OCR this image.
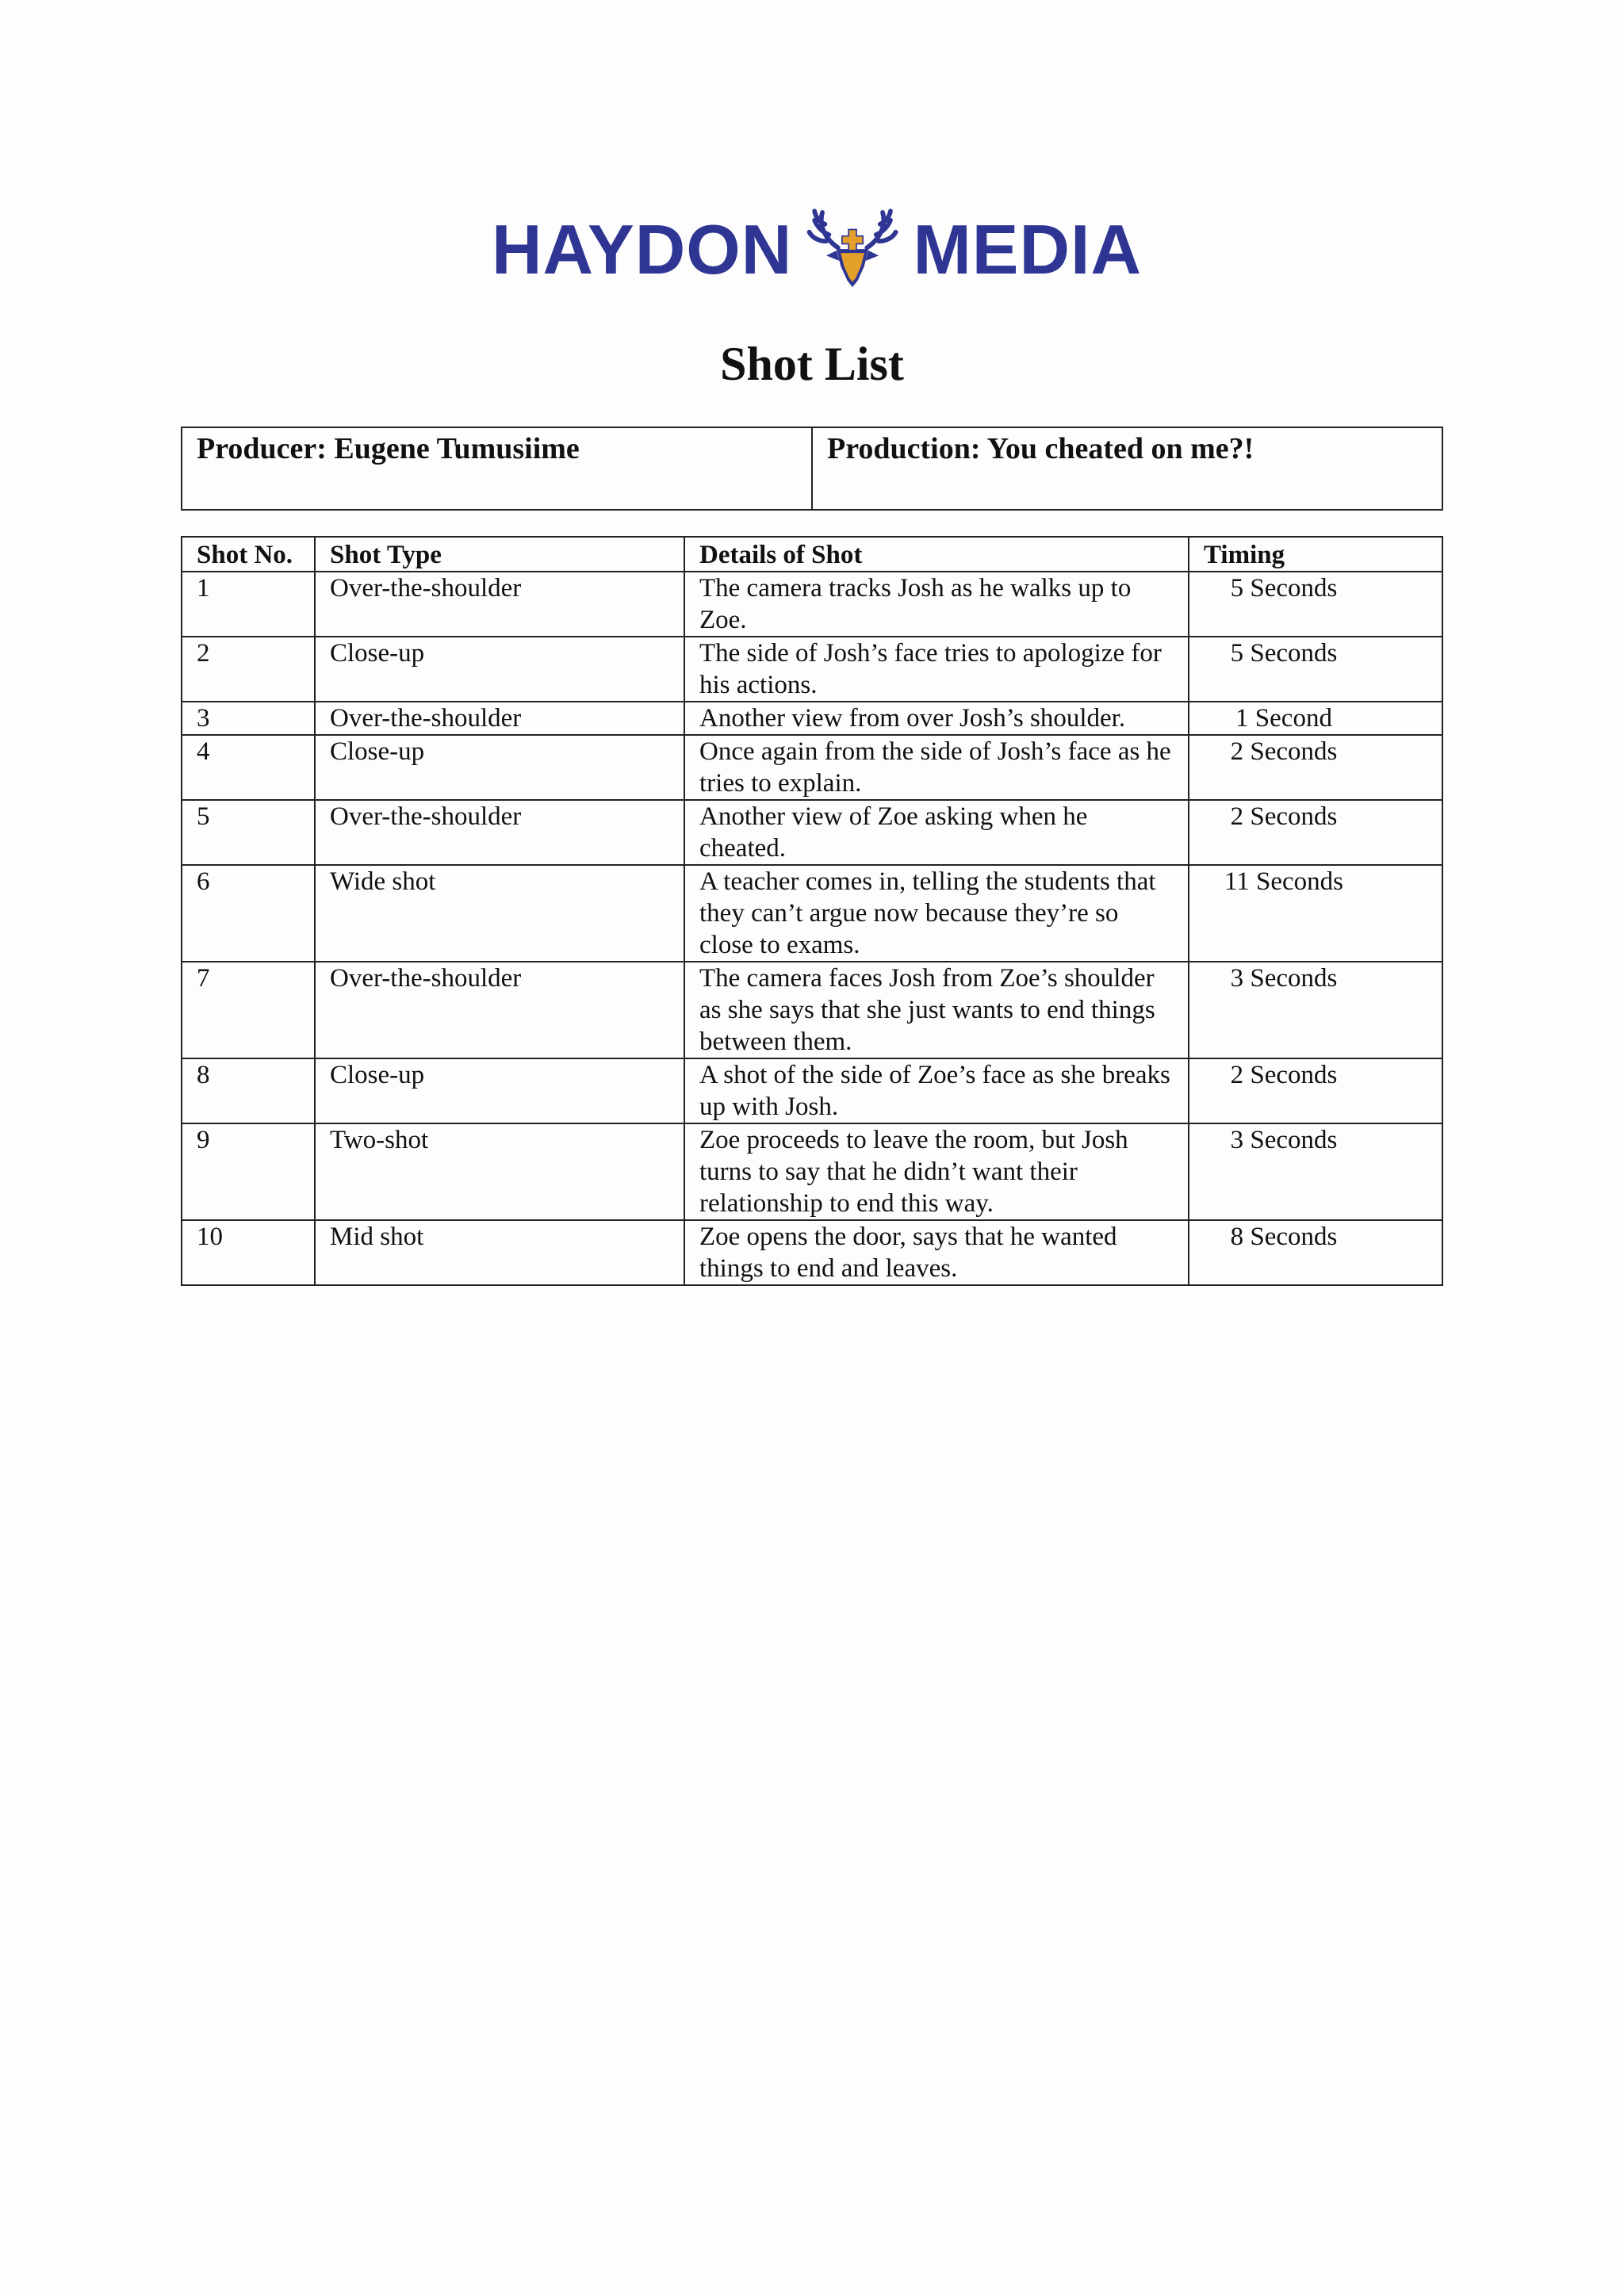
HAYDON MEDIA
Shot List
Producer: Eugene Tumusiime	Production: You cheated on me?!
Shot No.	Shot Type	Details of Shot	Timing
1	Over-the-shoulder	The camera tracks Josh as he walks up to Zoe.	5 Seconds
2	Close-up	The side of Josh’s face tries to apologize for his actions.	5 Seconds
3	Over-the-shoulder	Another view from over Josh’s shoulder.	1 Second
4	Close-up	Once again from the side of Josh’s face as he tries to explain.	2 Seconds
5	Over-the-shoulder	Another view of Zoe asking when he cheated.	2 Seconds
6	Wide shot	A teacher comes in, telling the students that they can’t argue now because they’re so close to exams.	11 Seconds
7	Over-the-shoulder	The camera faces Josh from Zoe’s shoulder as she says that she just wants to end things between them.	3 Seconds
8	Close-up	A shot of the side of Zoe’s face as she breaks up with Josh.	2 Seconds
9	Two-shot	Zoe proceeds to leave the room, but Josh turns to say that he didn’t want their relationship to end this way.	3 Seconds
10	Mid shot	Zoe opens the door, says that he wanted things to end and leaves.	8 Seconds
